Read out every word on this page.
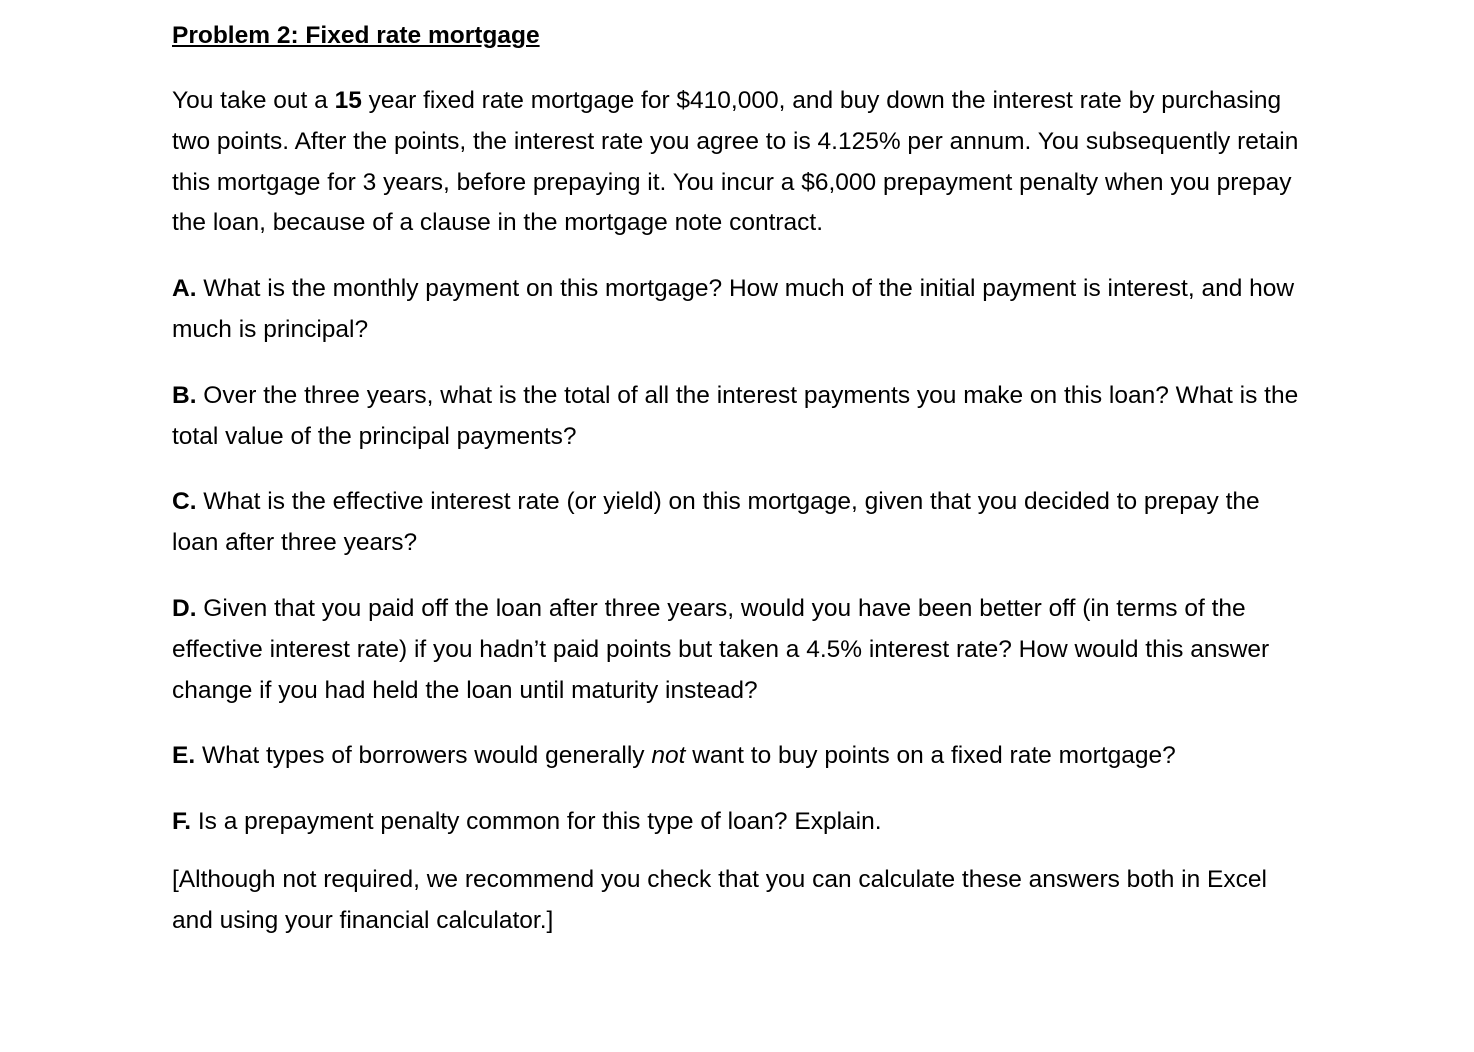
Problem 2: Fixed rate mortgage

You take out a 15 year fixed rate mortgage for $410,000, and buy down the interest rate by purchasing two points. After the points, the interest rate you agree to is 4.125% per annum. You subsequently retain this mortgage for 3 years, before prepaying it. You incur a $6,000 prepayment penalty when you prepay the loan, because of a clause in the mortgage note contract.

A. What is the monthly payment on this mortgage? How much of the initial payment is interest, and how much is principal?

B. Over the three years, what is the total of all the interest payments you make on this loan? What is the total value of the principal payments?

C. What is the effective interest rate (or yield) on this mortgage, given that you decided to prepay the loan after three years?

D. Given that you paid off the loan after three years, would you have been better off (in terms of the effective interest rate) if you hadn’t paid points but taken a 4.5% interest rate? How would this answer change if you had held the loan until maturity instead?

E. What types of borrowers would generally not want to buy points on a fixed rate mortgage?

F. Is a prepayment penalty common for this type of loan? Explain.

[Although not required, we recommend you check that you can calculate these answers both in Excel and using your financial calculator.]
